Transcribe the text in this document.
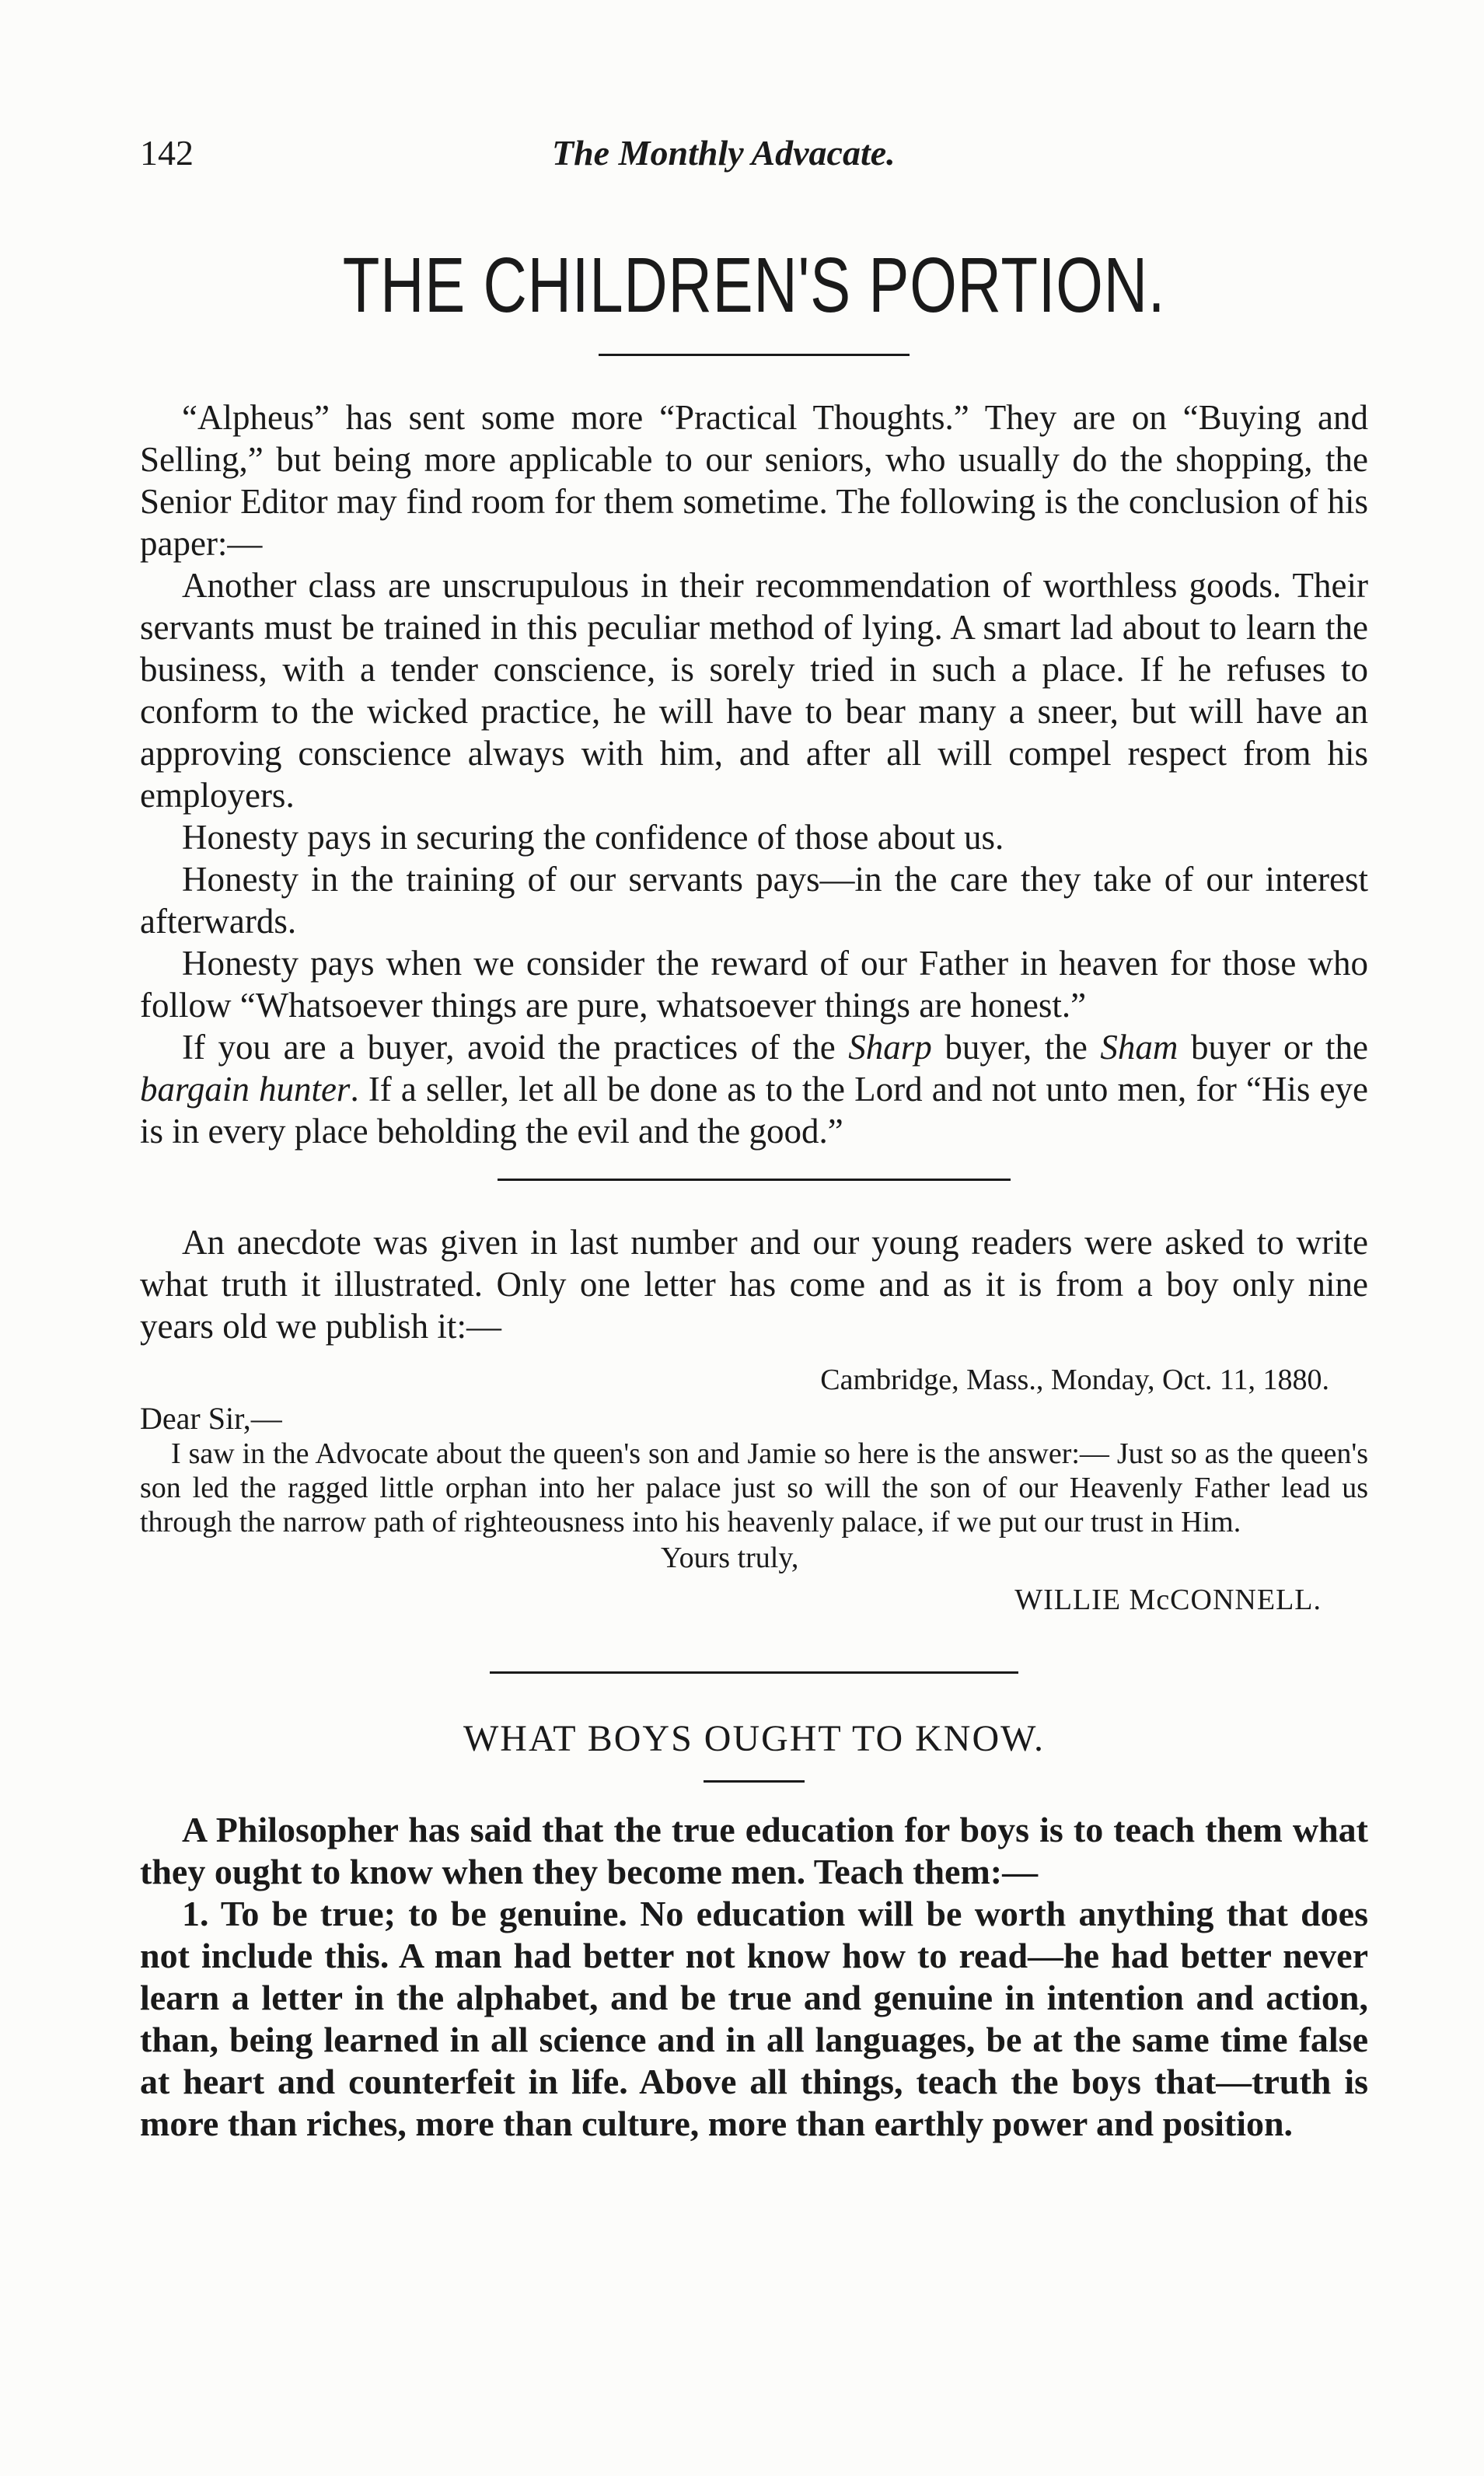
142	The Monthly Advacate.
THE CHILDREN'S PORTION.

“Alpheus” has sent some more “Practical Thoughts.” They are on “Buying and Selling,” but being more applicable to our seniors, who usually do the shopping, the Senior Editor may find room for them sometime. The following is the conclusion of his paper:—

Another class are unscrupulous in their recommendation of worthless goods. Their servants must be trained in this peculiar method of lying. A smart lad about to learn the business, with a tender conscience, is sorely tried in such a place. If he refuses to conform to the wicked practice, he will have to bear many a sneer, but will have an approving conscience always with him, and after all will compel respect from his employers.

Honesty pays in securing the confidence of those about us.

Honesty in the training of our servants pays—in the care they take of our interest afterwards.

Honesty pays when we consider the reward of our Father in heaven for those who follow “Whatsoever things are pure, whatsoever things are honest.”

If you are a buyer, avoid the practices of the Sharp buyer, the Sham buyer or the bargain hunter. If a seller, let all be done as to the Lord and not unto men, for “His eye is in every place beholding the evil and the good.”

An anecdote was given in last number and our young readers were asked to write what truth it illustrated. Only one letter has come and as it is from a boy only nine years old we publish it:—

Cambridge, Mass., Monday, Oct. 11, 1880.
Dear Sir,—

I saw in the Advocate about the queen's son and Jamie so here is the answer:— Just so as the queen's son led the ragged little orphan into her palace just so will the son of our Heavenly Father lead us through the narrow path of righteousness into his heavenly palace, if we put our trust in Him.

Yours truly,
WILLIE McCONNELL.
WHAT BOYS OUGHT TO KNOW.

A Philosopher has said that the true education for boys is to teach them what they ought to know when they become men. Teach them:—

1. To be true; to be genuine. No education will be worth anything that does not include this. A man had better not know how to read—he had better never learn a letter in the alphabet, and be true and genuine in intention and action, than, being learned in all science and in all languages, be at the same time false at heart and counterfeit in life. Above all things, teach the boys that—truth is more than riches, more than culture, more than earthly power and position.
